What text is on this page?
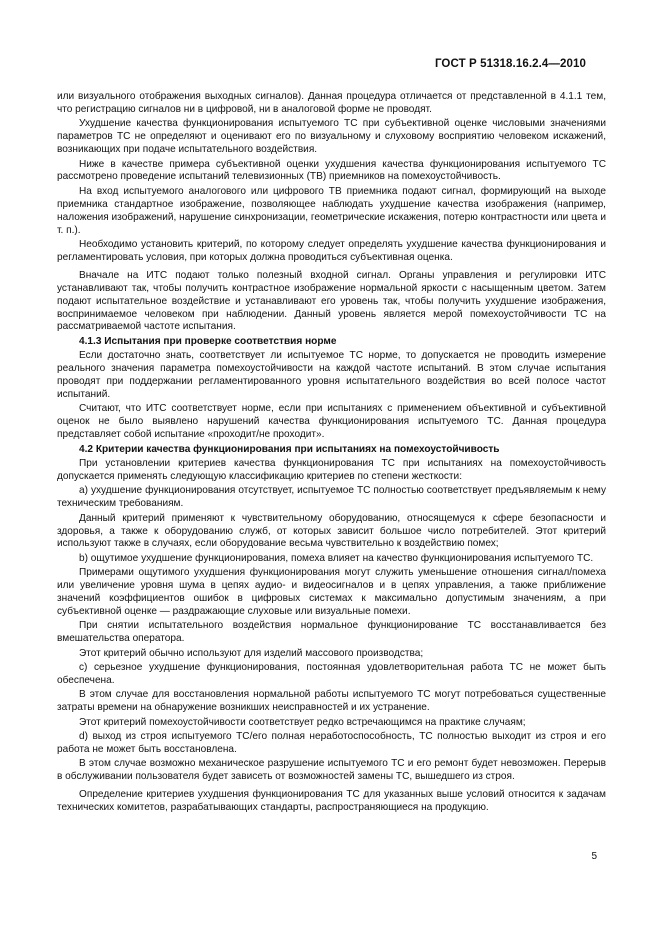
ГОСТ Р 51318.16.2.4—2010

или визуального отображения выходных сигналов). Данная процедура отличается от представленной в 4.1.1 тем, что регистрацию сигналов ни в цифровой, ни в аналоговой форме не проводят.

Ухудшение качества функционирования испытуемого ТС при субъективной оценке числовыми значениями параметров ТС не определяют и оценивают его по визуальному и слуховому восприятию человеком искажений, возникающих при подаче испытательного воздействия.

Ниже в качестве примера субъективной оценки ухудшения качества функционирования испытуемого ТС рассмотрено проведение испытаний телевизионных (ТВ) приемников на помехоустойчивость.

На вход испытуемого аналогового или цифрового ТВ приемника подают сигнал, формирующий на выходе приемника стандартное изображение, позволяющее наблюдать ухудшение качества изображения (например, наложения изображений, нарушение синхронизации, геометрические искажения, потерю контрастности или цвета и т. п.).

Необходимо установить критерий, по которому следует определять ухудшение качества функционирования и регламентировать условия, при которых должна проводиться субъективная оценка.

Вначале на ИТС подают только полезный входной сигнал. Органы управления и регулировки ИТС устанавливают так, чтобы получить контрастное изображение нормальной яркости с насыщенным цветом. Затем подают испытательное воздействие и устанавливают его уровень так, чтобы получить ухудшение изображения, воспринимаемое человеком при наблюдении. Данный уровень является мерой помехоустойчивости ТС на рассматриваемой частоте испытания.

4.1.3 Испытания при проверке соответствия норме

Если достаточно знать, соответствует ли испытуемое ТС норме, то допускается не проводить измерение реального значения параметра помехоустойчивости на каждой частоте испытаний. В этом случае испытания проводят при поддержании регламентированного уровня испытательного воздействия во всей полосе частот испытаний.

Считают, что ИТС соответствует норме, если при испытаниях с применением объективной и субъективной оценок не было выявлено нарушений качества функционирования испытуемого ТС. Данная процедура представляет собой испытание «проходит/не проходит».

4.2 Критерии качества функционирования при испытаниях на помехоустойчивость

При установлении критериев качества функционирования ТС при испытаниях на помехоустойчивость допускается применять следующую классификацию критериев по степени жесткости:

а) ухудшение функционирования отсутствует, испытуемое ТС полностью соответствует предъявляемым к нему техническим требованиям.

Данный критерий применяют к чувствительному оборудованию, относящемуся к сфере безопасности и здоровья, а также к оборудованию служб, от которых зависит большое число потребителей. Этот критерий используют также в случаях, если оборудование весьма чувствительно к воздействию помех;

b) ощутимое ухудшение функционирования, помеха влияет на качество функционирования испытуемого ТС.

Примерами ощутимого ухудшения функционирования могут служить уменьшение отношения сигнал/помеха или увеличение уровня шума в цепях аудио- и видеосигналов и в цепях управления, а также приближение значений коэффициентов ошибок в цифровых системах к максимально допустимым значениям, а при субъективной оценке — раздражающие слуховые или визуальные помехи.

При снятии испытательного воздействия нормальное функционирование ТС восстанавливается без вмешательства оператора.

Этот критерий обычно используют для изделий массового производства;

с) серьезное ухудшение функционирования, постоянная удовлетворительная работа ТС не может быть обеспечена.

В этом случае для восстановления нормальной работы испытуемого ТС могут потребоваться существенные затраты времени на обнаружение возникших неисправностей и их устранение.

Этот критерий помехоустойчивости соответствует редко встречающимся на практике случаям;

d) выход из строя испытуемого ТС/его полная неработоспособность, ТС полностью выходит из строя и его работа не может быть восстановлена.

В этом случае возможно механическое разрушение испытуемого ТС и его ремонт будет невозможен. Перерыв в обслуживании пользователя будет зависеть от возможностей замены ТС, вышедшего из строя.

Определение критериев ухудшения функционирования ТС для указанных выше условий относится к задачам технических комитетов, разрабатывающих стандарты, распространяющиеся на продукцию.

5
